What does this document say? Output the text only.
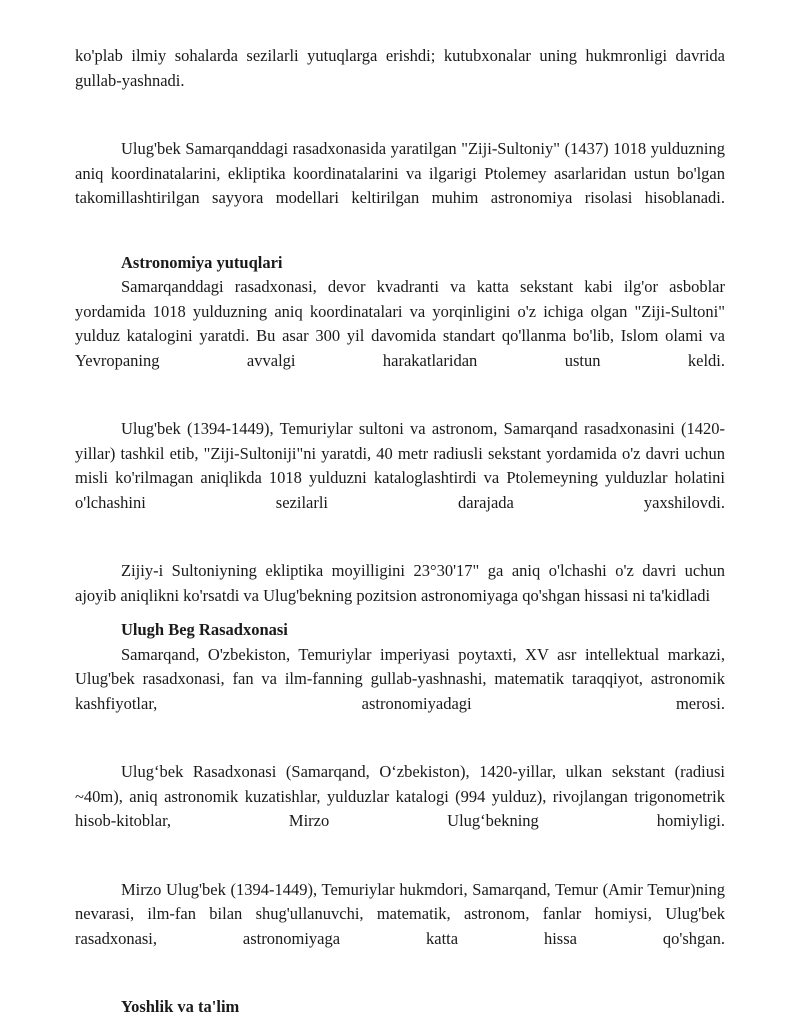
ko'plab ilmiy sohalarda sezilarli yutuqlarga erishdi; kutubxonalar uning hukmronligi davrida gullab-yashnadi.

Ulug'bek Samarqanddagi rasadxonasida yaratilgan "Ziji-Sultoniy" (1437) 1018 yulduzning aniq koordinatalarini, ekliptika koordinatalarini va ilgarigi Ptolemey asarlaridan ustun bo'lgan takomillashtirilgan sayyora modellari keltirilgan muhim astronomiya risolasi hisoblanadi.

Astronomiya yutuqlari

Samarqanddagi rasadxonasi, devor kvadranti va katta sekstant kabi ilg'or asboblar yordamida 1018 yulduzning aniq koordinatalari va yorqinligini o'z ichiga olgan "Ziji-Sultoni" yulduz katalogini yaratdi. Bu asar 300 yil davomida standart qo'llanma bo'lib, Islom olami va Yevropaning avvalgi harakatlaridan ustun keldi.

Ulug'bek (1394-1449), Temuriylar sultoni va astronom, Samarqand rasadxonasini (1420-yillar) tashkil etib, "Ziji-Sultoniji"ni yaratdi, 40 metr radiusli sekstant yordamida o'z davri uchun misli ko'rilmagan aniqlikda 1018 yulduzni kataloglashtirdi va Ptolemeyning yulduzlar holatini o'lchashini sezilarli darajada yaxshilovdi.

Zijiy-i Sultoniyning ekliptika moyilligini 23°30'17" ga aniq o'lchashi o'z davri uchun ajoyib aniqlikni ko'rsatdi va Ulug'bekning pozitsion astronomiyaga qo'shgan hissasi ni ta'kidladi

Ulugh Beg Rasadxonasi

Samarqand, O'zbekiston, Temuriylar imperiyasi poytaxti, XV asr intellektual markazi, Ulug'bek rasadxonasi, fan va ilm-fanning gullab-yashnashi, matematik taraqqiyot, astronomik kashfiyotlar, astronomiyadagi merosi.

Ulug‘bek Rasadxonasi (Samarqand, O‘zbekiston), 1420-yillar, ulkan sekstant (radiusi ~40m), aniq astronomik kuzatishlar, yulduzlar katalogi (994 yulduz), rivojlangan trigonometrik hisob-kitoblar, Mirzo Ulug‘bekning homiyligi.

Mirzo Ulug'bek (1394-1449), Temuriylar hukmdori, Samarqand, Temur (Amir Temur)ning nevarasi, ilm-fan bilan shug'ullanuvchi, matematik, astronom, fanlar homiysi, Ulug'bek rasadxonasi, astronomiyaga katta hissa qo'shgan.

Yoshlik va ta'lim
